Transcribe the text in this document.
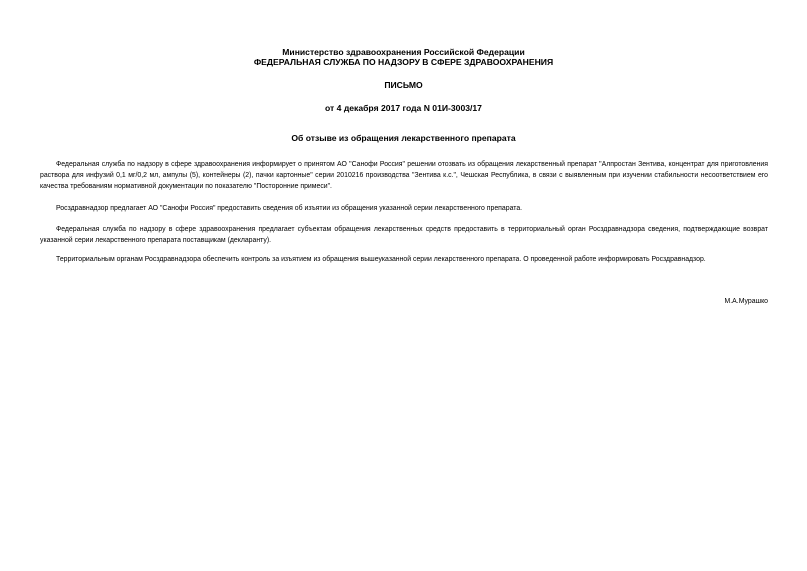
Министерство здравоохранения Российской Федерации
ФЕДЕРАЛЬНАЯ СЛУЖБА ПО НАДЗОРУ В СФЕРЕ ЗДРАВООХРАНЕНИЯ
ПИСЬМО
от 4 декабря 2017 года N 01И-3003/17
Об отзыве из обращения лекарственного препарата

Федеральная служба по надзору в сфере здравоохранения информирует о принятом АО "Санофи Россия" решении отозвать из обращения лекарственный препарат "Алпростан Зентива, концентрат для приготовления раствора для инфузий 0,1 мг/0,2 мл, ампулы (5), контейнеры (2), пачки картонные" серии 2010216 производства "Зентива к.с.", Чешская Республика, в связи с выявленным при изучении стабильности несоответствием его качества требованиям нормативной документации по показателю "Посторонние примеси".

Росздравнадзор предлагает АО "Санофи Россия" предоставить сведения об изъятии из обращения указанной серии лекарственного препарата.

Федеральная служба по надзору в сфере здравоохранения предлагает субъектам обращения лекарственных средств предоставить в территориальный орган Росздравнадзора сведения, подтверждающие возврат указанной серии лекарственного препарата поставщикам (декларанту).

Территориальным органам Росздравнадзора обеспечить контроль за изъятием из обращения вышеуказанной серии лекарственного препарата. О проведенной работе информировать Росздравнадзор.

М.А.Мурашко
